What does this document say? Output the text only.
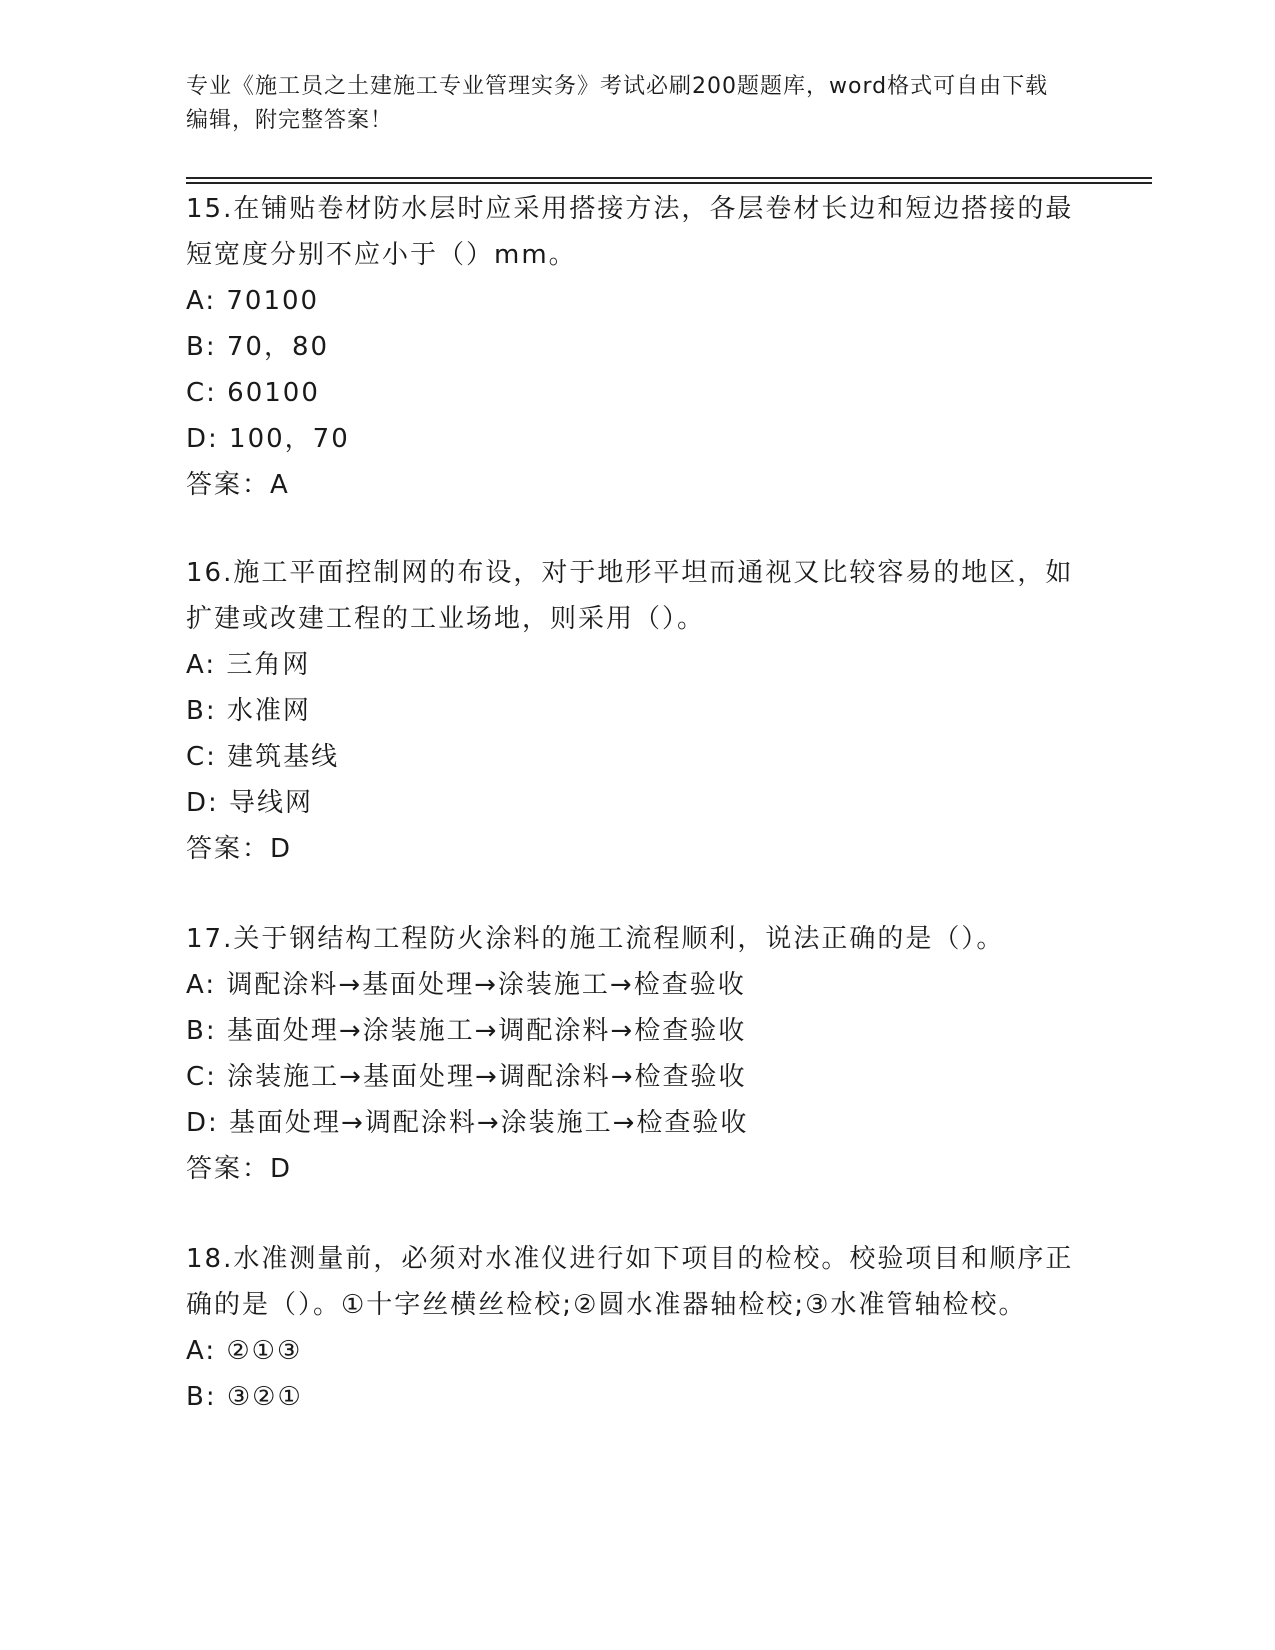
专业《施工员之土建施工专业管理实务》考试必刷200题题库，word格式可自由下载编辑，附完整答案！
15.在铺贴卷材防水层时应采用搭接方法，各层卷材长边和短边搭接的最短宽度分别不应小于（）mm。
A: 70100
B: 70，80
C: 60100
D: 100，70
答案：A
16.施工平面控制网的布设，对于地形平坦而通视又比较容易的地区，如扩建或改建工程的工业场地，则采用（）。
A: 三角网
B: 水准网
C: 建筑基线
D: 导线网
答案：D
17.关于钢结构工程防火涂料的施工流程顺利，说法正确的是（）。
A: 调配涂料→基面处理→涂装施工→检查验收
B: 基面处理→涂装施工→调配涂料→检查验收
C: 涂装施工→基面处理→调配涂料→检查验收
D: 基面处理→调配涂料→涂装施工→检查验收
答案：D
18.水准测量前，必须对水准仪进行如下项目的检校。校验项目和顺序正确的是（）。①十字丝横丝检校;②圆水准器轴检校;③水准管轴检校。
A: ②①③
B: ③②①
